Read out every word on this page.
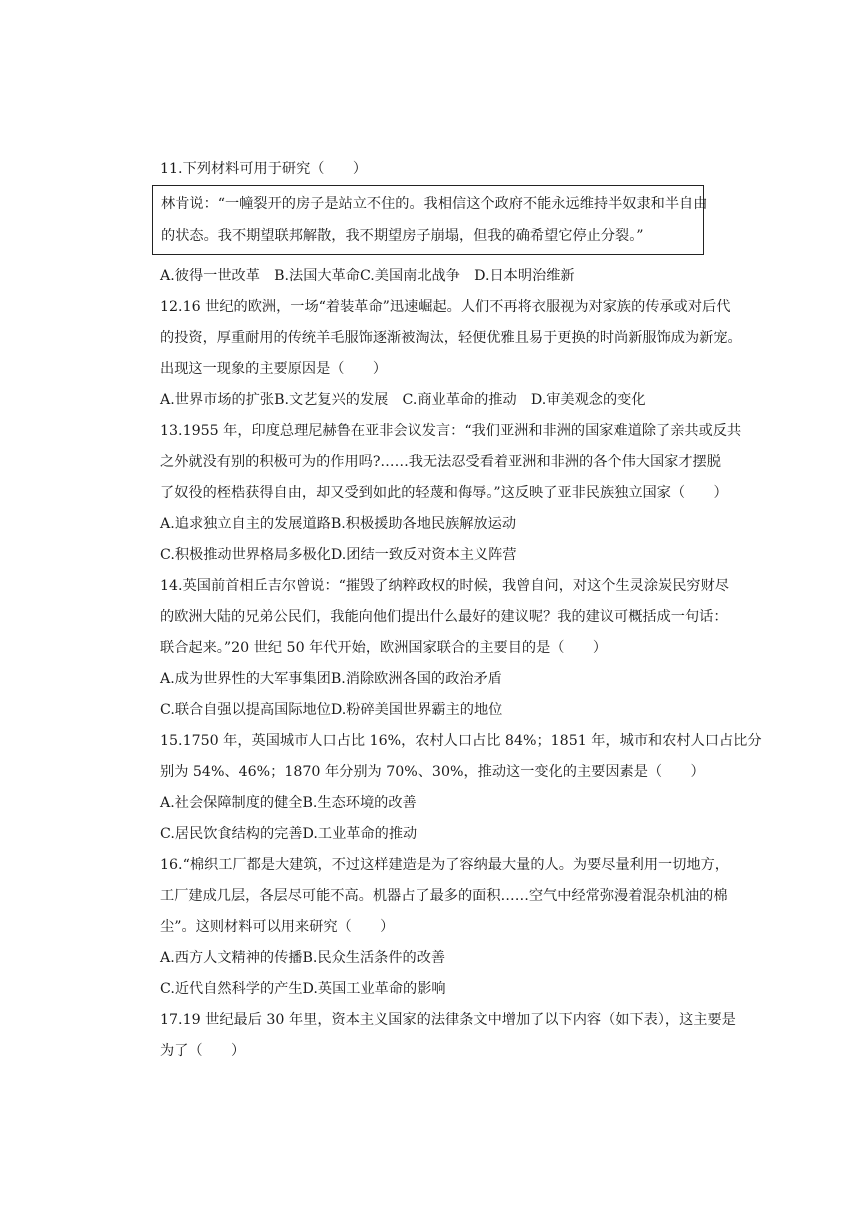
11.下列材料可用于研究（　　）
林肯说：“一幢裂开的房子是站立不住的。我相信这个政府不能永远维持半奴隶和半自由
的状态。我不期望联邦解散，我不期望房子崩塌，但我的确希望它停止分裂。”
A.彼得一世改革　B.法国大革命C.美国南北战争　D.日本明治维新
12.16 世纪的欧洲，一场“着装革命”迅速崛起。人们不再将衣服视为对家族的传承或对后代
的投资，厚重耐用的传统羊毛服饰逐渐被淘汰，轻便优雅且易于更换的时尚新服饰成为新宠。
出现这一现象的主要原因是（　　）
A.世界市场的扩张B.文艺复兴的发展　C.商业革命的推动　D.审美观念的变化
13.1955 年，印度总理尼赫鲁在亚非会议发言：“我们亚洲和非洲的国家难道除了亲共或反共
之外就没有别的积极可为的作用吗?……我无法忍受看着亚洲和非洲的各个伟大国家才摆脱
了奴役的桎梏获得自由，却又受到如此的轻蔑和侮辱。”这反映了亚非民族独立国家（　　）
A.追求独立自主的发展道路B.积极援助各地民族解放运动
C.积极推动世界格局多极化D.团结一致反对资本主义阵营
14.英国前首相丘吉尔曾说：“摧毁了纳粹政权的时候，我曾自问，对这个生灵涂炭民穷财尽
的欧洲大陆的兄弟公民们，我能向他们提出什么最好的建议呢？我的建议可概括成一句话：
联合起来。”20 世纪 50 年代开始，欧洲国家联合的主要目的是（　　）
A.成为世界性的大军事集团B.消除欧洲各国的政治矛盾
C.联合自强以提高国际地位D.粉碎美国世界霸主的地位
15.1750 年，英国城市人口占比 16%，农村人口占比 84%；1851 年，城市和农村人口占比分
别为 54%、46%；1870 年分别为 70%、30%，推动这一变化的主要因素是（　　）
A.社会保障制度的健全B.生态环境的改善
C.居民饮食结构的完善D.工业革命的推动
16.“棉织工厂都是大建筑，不过这样建造是为了容纳最大量的人。为要尽量利用一切地方，
工厂建成几层，各层尽可能不高。机器占了最多的面积……空气中经常弥漫着混杂机油的棉
尘”。这则材料可以用来研究（　　）
A.西方人文精神的传播B.民众生活条件的改善
C.近代自然科学的产生D.英国工业革命的影响
17.19 世纪最后 30 年里，资本主义国家的法律条文中增加了以下内容（如下表），这主要是
为了（　　）
